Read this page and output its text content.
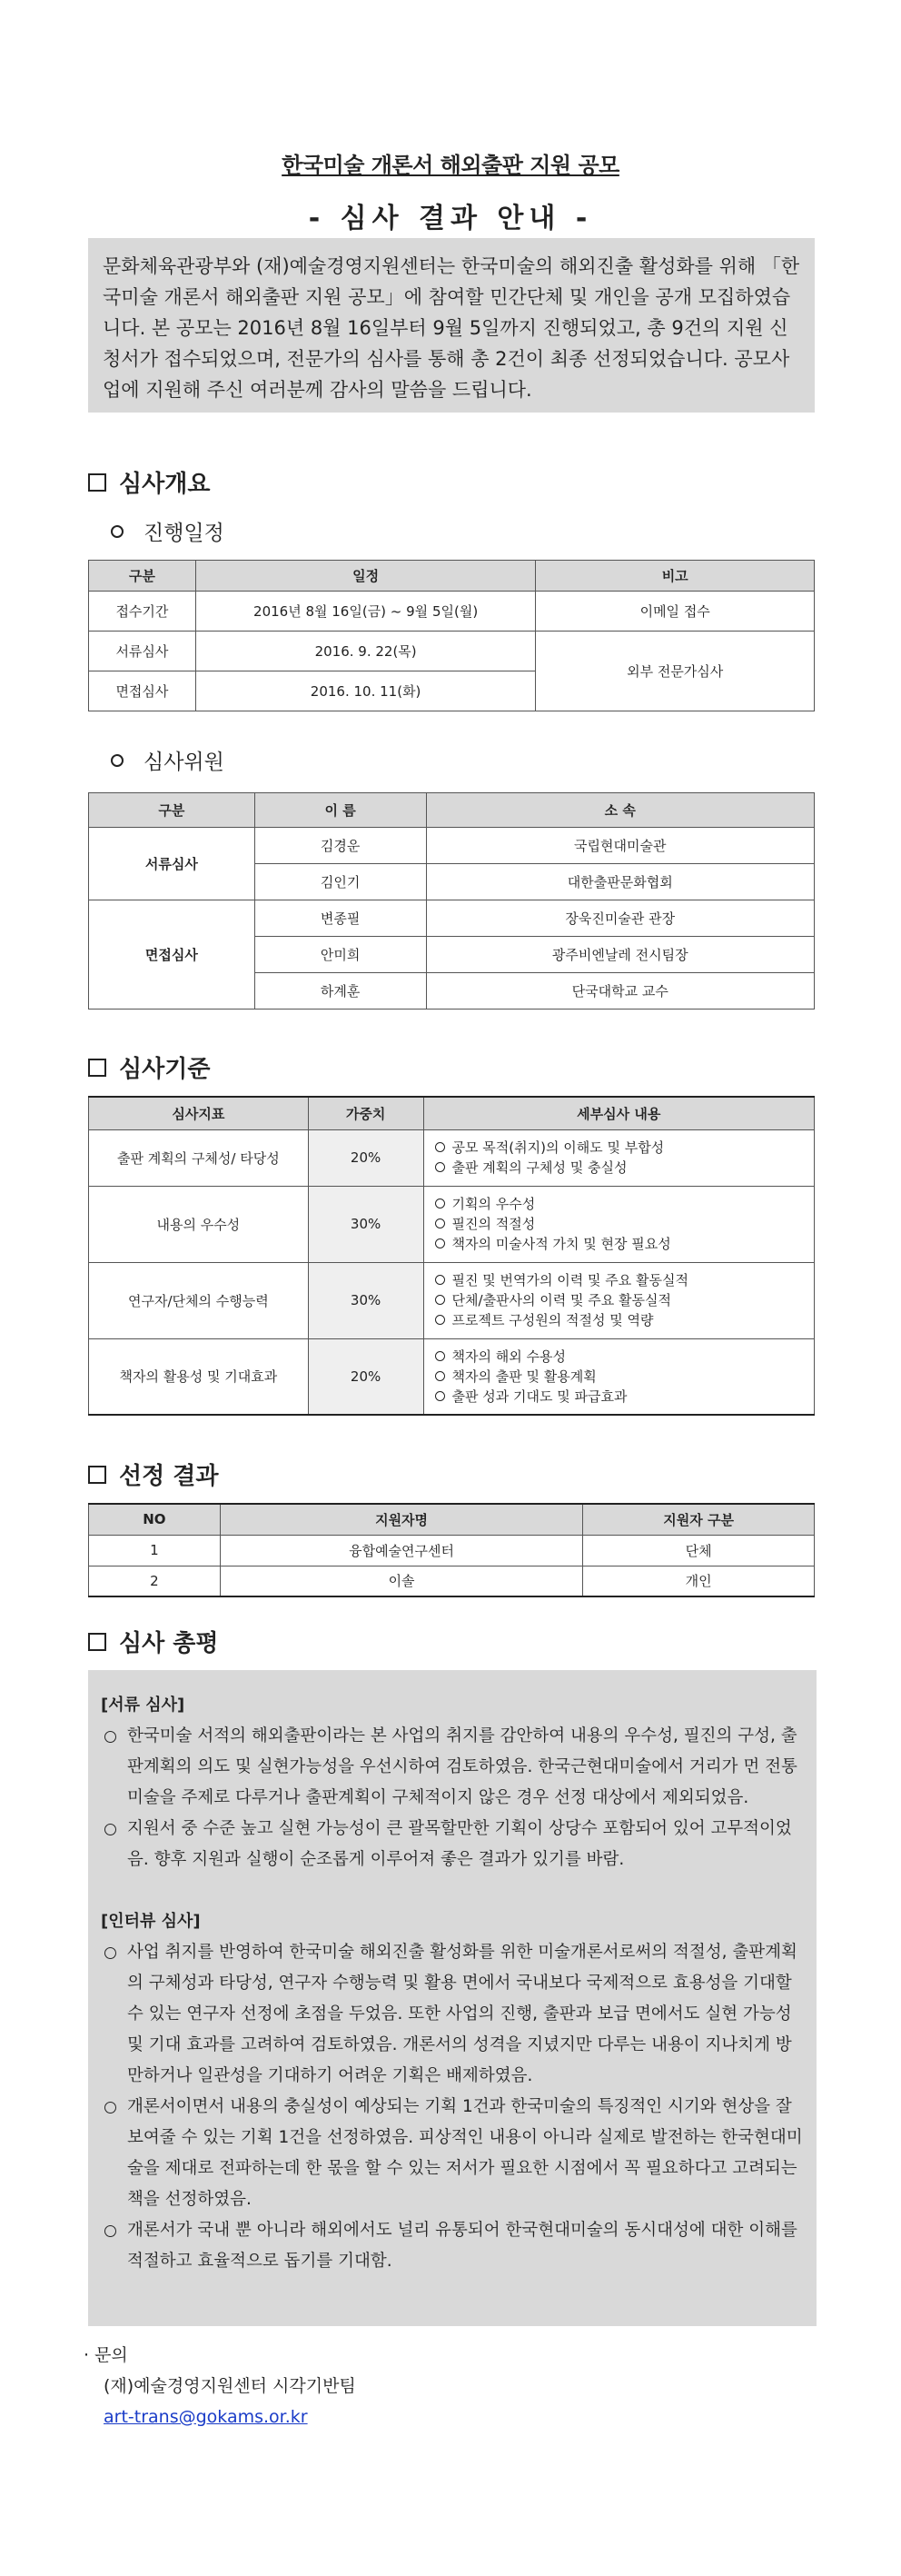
한국미술 개론서 해외출판 지원 공모
- 심사 결과 안내 -
문화체육관광부와 (재)예술경영지원센터는 한국미술의 해외진출 활성화를 위해 「한국미술 개론서 해외출판 지원 공모」에 참여할 민간단체 및 개인을 공개 모집하였습니다. 본 공모는 2016년 8월 16일부터 9월 5일까지 진행되었고, 총 9건의 지원 신청서가 접수되었으며, 전문가의 심사를 통해 총 2건이 최종 선정되었습니다. 공모사업에 지원해 주신 여러분께 감사의 말씀을 드립니다.
심사개요
진행일정
구분	일정	비고
접수기간	2016년 8월 16일(금) ~ 9월 5일(월)	이메일 접수
서류심사	2016. 9. 22(목)	외부 전문가심사
면접심사	2016. 10. 11(화)	
심사위원
구분	이 름	소 속
서류심사	김경운	국립현대미술관
	김인기	대한출판문화협회
면접심사	변종필	장욱진미술관 관장
	안미희	광주비엔날레 전시팀장
	하계훈	단국대학교 교수
심사기준
심사지표	가중치	세부심사 내용
출판 계획의 구체성/ 타당성	20%	공모 목적(취지)의 이해도 및 부합성
출판 계획의 구체성 및 충실성

내용의 우수성	30%	기획의 우수성
필진의 적절성
책자의 미술사적 가치 및 현장 필요성

연구자/단체의 수행능력	30%	필진 및 번역가의 이력 및 주요 활동실적
단체/출판사의 이력 및 주요 활동실적
프로젝트 구성원의 적절성 및 역량

책자의 활용성 및 기대효과	20%	책자의 해외 수용성
책자의 출판 및 활용계획
출판 성과 기대도 및 파급효과
선정 결과
NO	지원자명	지원자 구분
1	융합예술연구센터	단체
2	이솔	개인
심사 총평
[서류 심사]
한국미술 서적의 해외출판이라는 본 사업의 취지를 감안하여 내용의 우수성, 필진의 구성, 출판계획의 의도 및 실현가능성을 우선시하여 검토하였음. 한국근현대미술에서 거리가 먼 전통미술을 주제로 다루거나 출판계획이 구체적이지 않은 경우 선정 대상에서 제외되었음.
지원서 중 수준 높고 실현 가능성이 큰 괄목할만한 기획이 상당수 포함되어 있어 고무적이었음. 향후 지원과 실행이 순조롭게 이루어져 좋은 결과가 있기를 바람.
[인터뷰 심사]
사업 취지를 반영하여 한국미술 해외진출 활성화를 위한 미술개론서로써의 적절성, 출판계획의 구체성과 타당성, 연구자 수행능력 및 활용 면에서 국내보다 국제적으로 효용성을 기대할 수 있는 연구자 선정에 초점을 두었음. 또한 사업의 진행, 출판과 보급 면에서도 실현 가능성 및 기대 효과를 고려하여 검토하였음. 개론서의 성격을 지녔지만 다루는 내용이 지나치게 방만하거나 일관성을 기대하기 어려운 기획은 배제하였음.
개론서이면서 내용의 충실성이 예상되는 기획 1건과 한국미술의 특징적인 시기와 현상을 잘 보여줄 수 있는 기획 1건을 선정하였음. 피상적인 내용이 아니라 실제로 발전하는 한국현대미술을 제대로 전파하는데 한 몫을 할 수 있는 저서가 필요한 시점에서 꼭 필요하다고 고려되는 책을 선정하였음.
개론서가 국내 뿐 아니라 해외에서도 널리 유통되어 한국현대미술의 동시대성에 대한 이해를 적절하고 효율적으로 돕기를 기대함.
· 문의
(재)예술경영지원센터 시각기반팀
art-trans@gokams.or.kr
